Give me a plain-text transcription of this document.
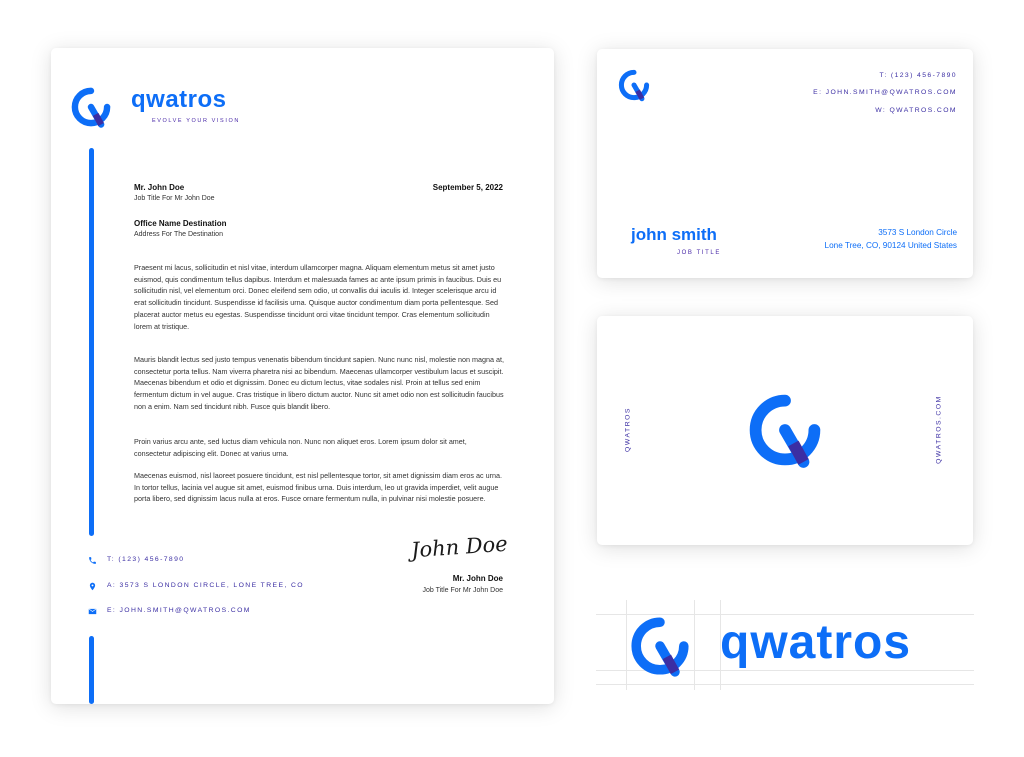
qwatros
EVOLVE YOUR VISION
Mr. John Doe
Job Title For Mr John Doe
September 5, 2022
Office Name Destination
Address For The Destination

Praesent mi lacus, sollicitudin et nisl vitae, interdum ullamcorper magna. Aliquam elementum metus sit amet justo euismod, quis condimentum tellus dapibus. Interdum et malesuada fames ac ante ipsum primis in faucibus. Duis eu sollicitudin nisl, vel elementum orci. Donec eleifend sem odio, ut convallis dui iaculis id. Integer scelerisque arcu id erat sollicitudin tincidunt. Suspendisse id facilisis urna. Quisque auctor condimentum diam porta pellentesque. Sed placerat auctor metus eu egestas. Suspendisse tincidunt orci vitae tincidunt tempor. Cras elementum sollicitudin lorem at tristique.

Mauris blandit lectus sed justo tempus venenatis bibendum tincidunt sapien. Nunc nunc nisl, molestie non magna at, consectetur porta tellus. Nam viverra pharetra nisi ac bibendum. Maecenas ullamcorper vestibulum lacus et suscipit. Maecenas bibendum et odio et dignissim. Donec eu dictum lectus, vitae sodales nisl. Proin at tellus sed enim fermentum dictum in vel augue. Cras tristique in libero dictum auctor. Nunc sit amet odio non est sollicitudin faucibus non a enim. Nam sed tincidunt nibh. Fusce quis blandit libero.

Proin varius arcu ante, sed luctus diam vehicula non. Nunc non aliquet eros. Lorem ipsum dolor sit amet, consectetur adipiscing elit. Donec at varius urna.

Maecenas euismod, nisl laoreet posuere tincidunt, est nisl pellentesque tortor, sit amet dignissim diam eros ac urna. In tortor tellus, lacinia vel augue sit amet, euismod finibus urna. Duis interdum, leo ut gravida imperdiet, velit augue porta libero, sed dignissim lacus nulla at eros. Fusce ornare fermentum nulla, in pulvinar nisi molestie posuere.

T: (123) 456-7890
A: 3573 S LONDON CIRCLE, LONE TREE, CO
E: JOHN.SMITH@QWATROS.COM
John Doe
Mr. John Doe
Job Title For Mr John Doe
T: (123) 456-7890
E: JOHN.SMITH@QWATROS.COM
W: QWATROS.COM
john smith
JOB TITLE
3573 S London Circle
Lone Tree, CO, 90124 United States
QWATROS	QWATROS.COM
qwatros
